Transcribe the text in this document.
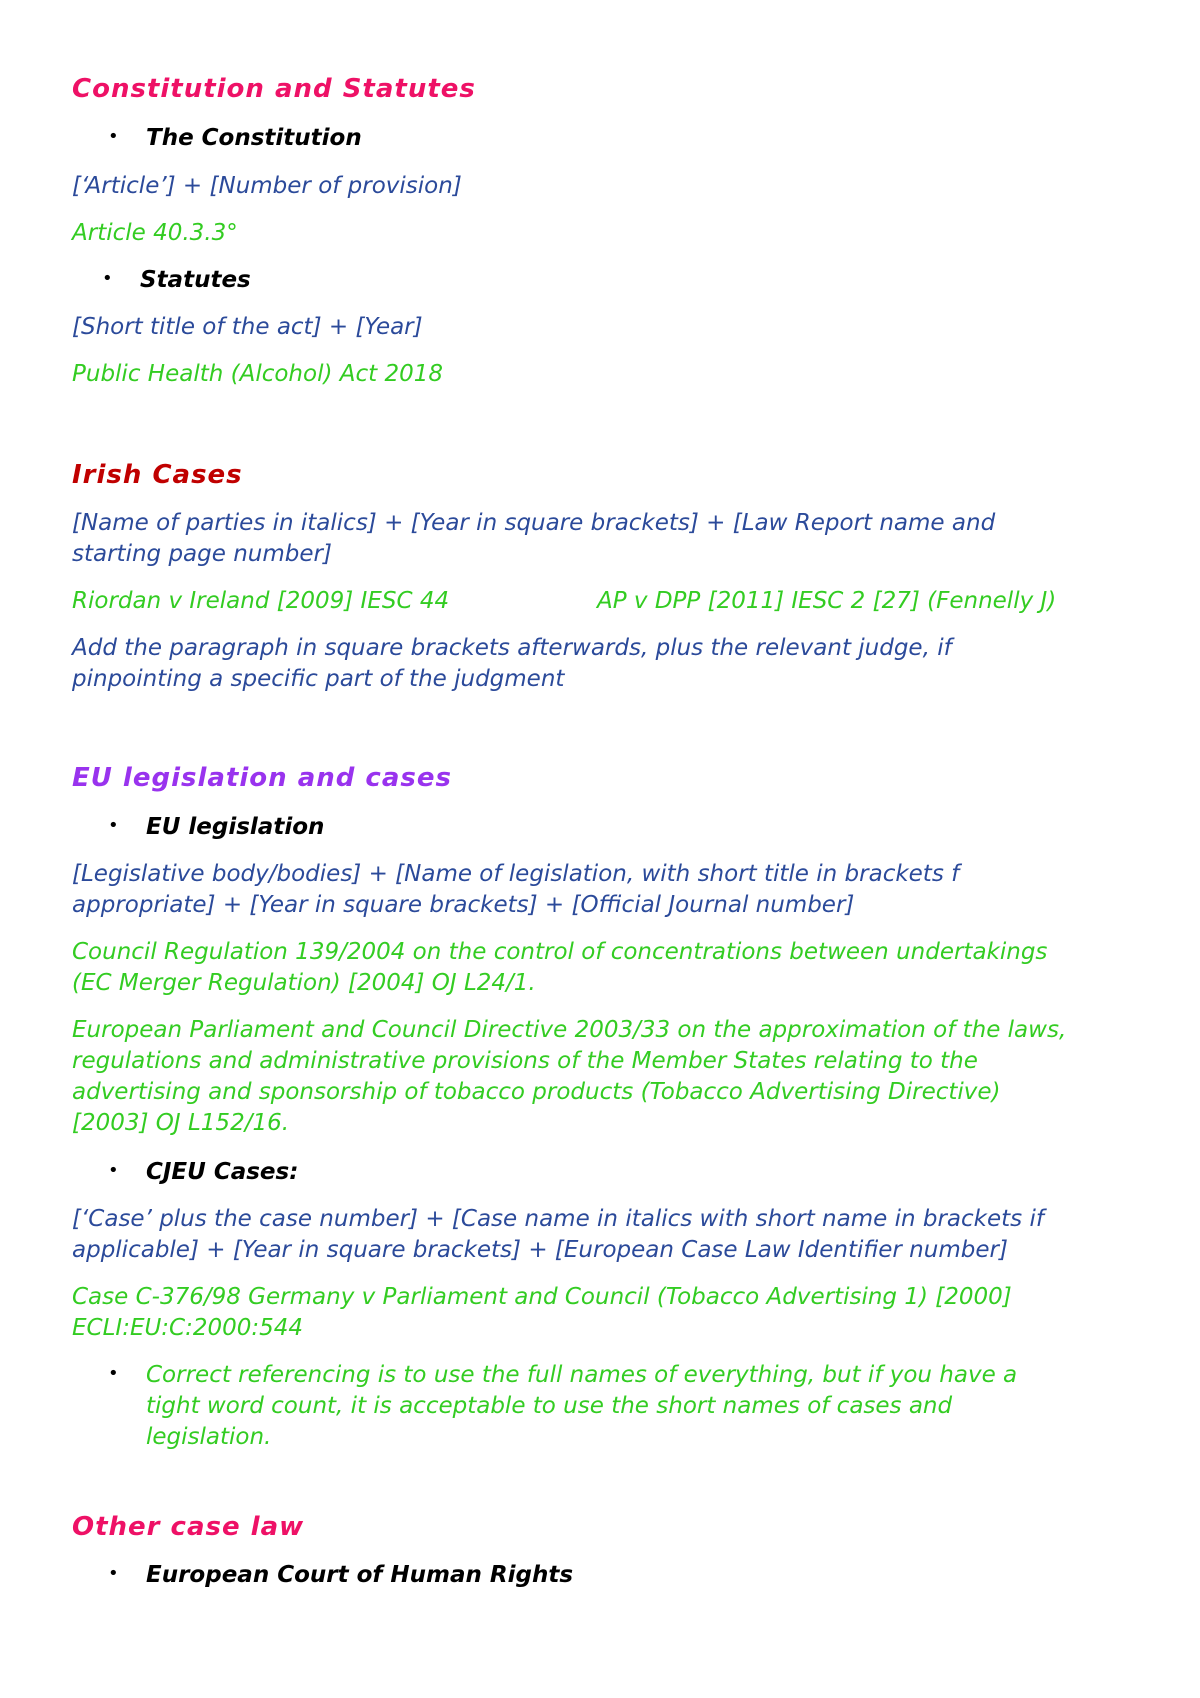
Constitution and Statutes

• The Constitution

[‘Article’] + [Number of provision]

Article 40.3.3°

• Statutes

[Short title of the act] + [Year]

Public Health (Alcohol) Act 2018

Irish Cases

[Name of parties in italics] + [Year in square brackets] + [Law Report name and

starting page number]

Riordan v Ireland [2009] IESC 44	AP v DPP [2011] IESC 2 [27] (Fennelly J)

Add the paragraph in square brackets afterwards, plus the relevant judge, if

pinpointing a specific part of the judgment

EU legislation and cases

• EU legislation

[Legislative body/bodies] + [Name of legislation, with short title in brackets f

appropriate] + [Year in square brackets] + [Official Journal number]

Council Regulation 139/2004 on the control of concentrations between undertakings

(EC Merger Regulation) [2004] OJ L24/1.

European Parliament and Council Directive 2003/33 on the approximation of the laws,

regulations and administrative provisions of the Member States relating to the

advertising and sponsorship of tobacco products (Tobacco Advertising Directive)

[2003] OJ L152/16.

• CJEU Cases:

[‘Case’ plus the case number] + [Case name in italics with short name in brackets if

applicable] + [Year in square brackets] + [European Case Law Identifier number]

Case C-376/98 Germany v Parliament and Council (Tobacco Advertising 1) [2000]

ECLI:EU:C:2000:544

• Correct referencing is to use the full names of everything, but if you have a

tight word count, it is acceptable to use the short names of cases and

legislation.

Other case law

• European Court of Human Rights
